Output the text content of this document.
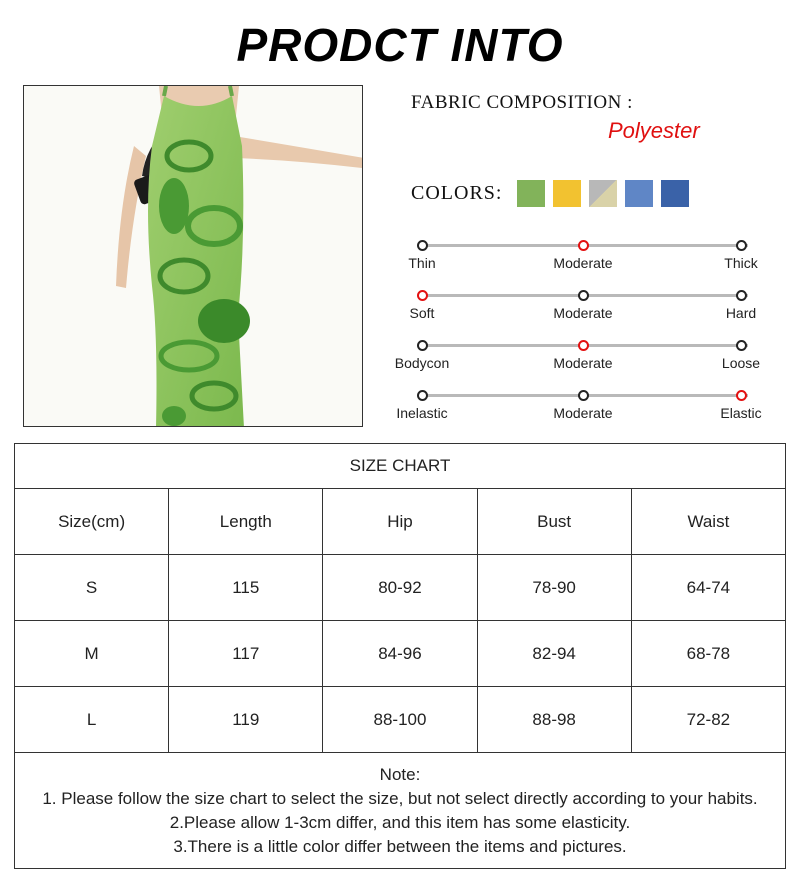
PRODCT INTO
FABRIC COMPOSITION :
Polyester
COLORS:
Thin	Moderate	Thick
Soft	Moderate	Hard
Bodycon	Moderate	Loose
Inelastic	Moderate	Elastic
SIZE CHART				
Size(cm)	Length	Hip	Bust	Waist
S	115	80-92	78-90	64-74
M	117	84-96	82-94	68-78
L	119	88-100	88-98	72-82

Note:
1. Please follow the size chart to select the size, but not select directly according to your habits.
2.Please allow 1-3cm differ, and this item has some elasticity.
3.There is a little color differ between the items and pictures.				
